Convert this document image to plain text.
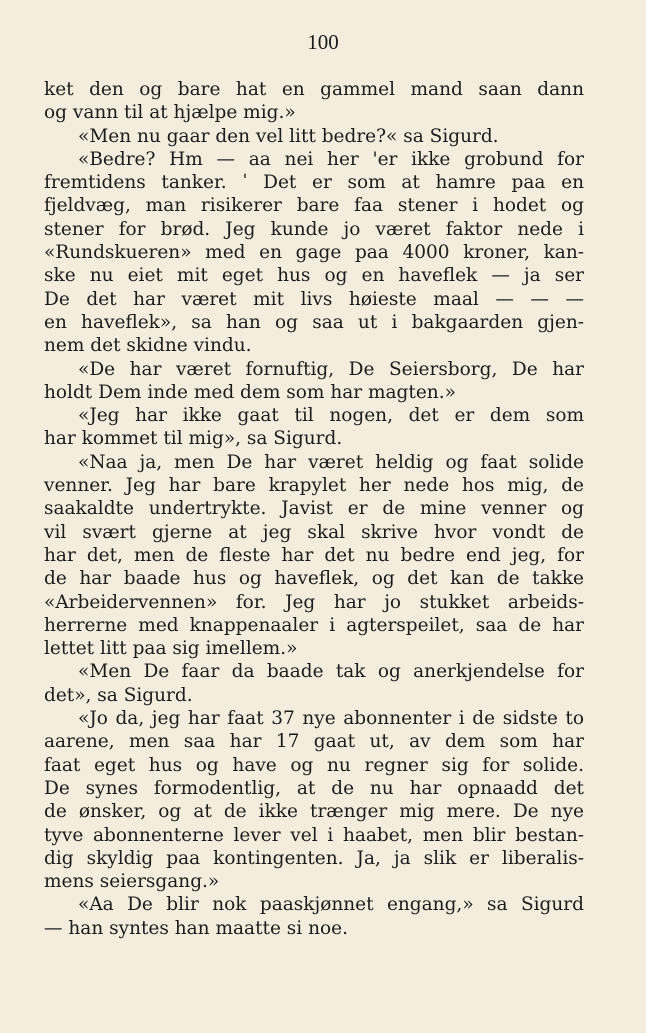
100
ket den og bare hat en gammel mand saan dann
og vann til at hjælpe mig.»
«Men nu gaar den vel litt bedre?« sa Sigurd.
«Bedre? Hm — aa nei her 'er ikke grobund for
fremtidens tanker. ˈ Det er som at hamre paa en
fjeldvæg, man risikerer bare faa stener i hodet og
stener for brød. Jeg kunde jo været faktor nede i
«Rundskueren» med en gage paa 4000 kroner, kan-
ske nu eiet mit eget hus og en haveflek — ja ser
De det har været mit livs høieste maal — — —
en haveflek», sa han og saa ut i bakgaarden gjen-
nem det skidne vindu.
«De har været fornuftig, De Seiersborg, De har
holdt Dem inde med dem som har magten.»
«Jeg har ikke gaat til nogen, det er dem som
har kommet til mig», sa Sigurd.
«Naa ja, men De har været heldig og faat solide
venner. Jeg har bare krapylet her nede hos mig, de
saakaldte undertrykte. Javist er de mine venner og
vil svært gjerne at jeg skal skrive hvor vondt de
har det, men de fleste har det nu bedre end jeg, for
de har baade hus og haveflek, og det kan de takke
«Arbeidervennen» for. Jeg har jo stukket arbeids-
herrerne med knappenaaler i agterspeilet, saa de har
lettet litt paa sig imellem.»
«Men De faar da baade tak og anerkjendelse for
det», sa Sigurd.
«Jo da, jeg har faat 37 nye abonnenter i de sidste to
aarene, men saa har 17 gaat ut, av dem som har
faat eget hus og have og nu regner sig for solide.
De synes formodentlig, at de nu har opnaadd det
de ønsker, og at de ikke trænger mig mere. De nye
tyve abonnenterne lever vel i haabet, men blir bestan-
dig skyldig paa kontingenten. Ja, ja slik er liberalis-
mens seiersgang.»
«Aa De blir nok paaskjønnet engang,» sa Sigurd
— han syntes han maatte si noe.
